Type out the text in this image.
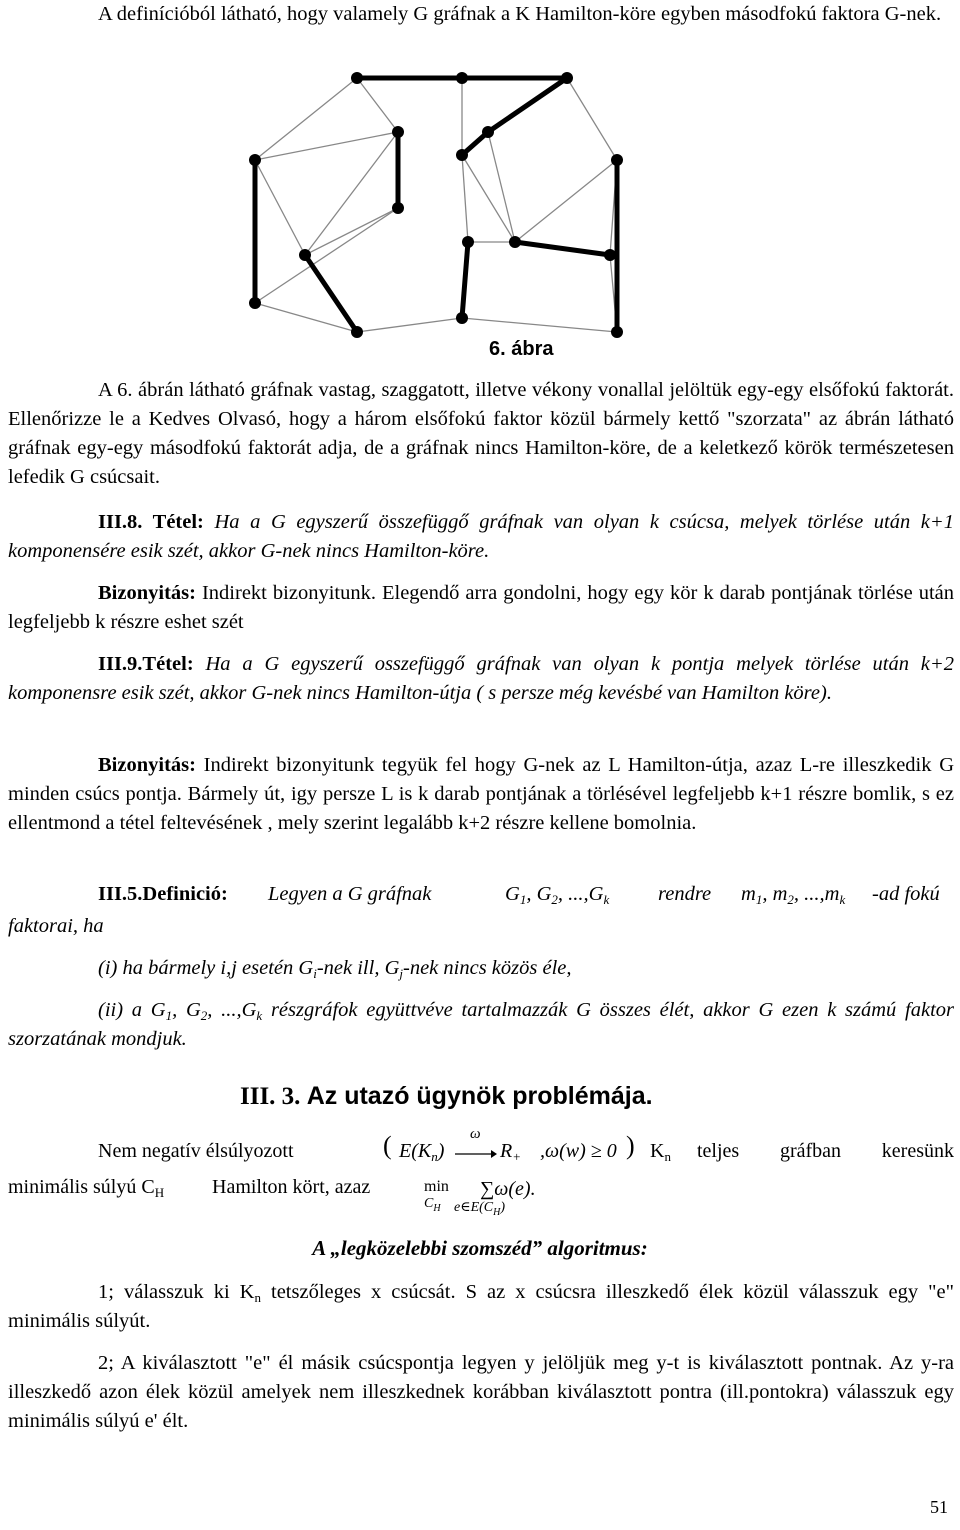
A definícióból látható, hogy valamely G gráfnak a K Hamilton-köre egyben másodfokú faktora G-nek.

6. ábra

A 6. ábrán látható gráfnak vastag, szaggatott, illetve vékony vonallal jelöltük egy-egy elsőfokú faktorát. Ellenőrizze le a Kedves Olvasó, hogy a három elsőfokú faktor közül bármely kettő "szorzata" az ábrán látható gráfnak egy-egy másodfokú faktorát adja, de a gráfnak nincs Hamilton-köre, de a keletkező körök természetesen lefedik G csúcsait.

III.8. Tétel: Ha a G egyszerű összefüggő gráfnak van olyan k csúcsa, melyek törlése után k+1 komponensére esik szét, akkor G-nek nincs Hamilton-köre.

Bizonyitás: Indirekt bizonyitunk. Elegendő arra gondolni, hogy egy kör k darab pontjának törlése után legfeljebb k részre eshet szét

III.9.Tétel: Ha a G egyszerű osszefüggő gráfnak van olyan k pontja melyek törlése után k+2 komponensre esik szét, akkor G-nek nincs Hamilton-útja ( s persze még kevésbé van Hamilton köre).

Bizonyitás: Indirekt bizonyitunk tegyük fel hogy G-nek az L Hamilton-útja, azaz L-re illeszkedik G minden csúcs pontja. Bármely út, igy persze L is k darab pontjának a törlésével legfeljebb k+1 részre bomlik, s ez ellentmond a tétel feltevésének , mely szerint legalább k+2 részre kellene bomolnia.

III.5.Definició: Legyen a G gráfnak	$G_1$, $G_2$, $...,G_k$ rendre $m_1$, $m_2$, $...,m_k$ -ad fokú
faktorai, ha
(i) ha bármely i,j esetén $G_i$-nek ill, $G_j$-nek nincs közös éle,

(ii) a $G_1$, $G_2$, $...,G_k$ részgráfok együttvéve tartalmazzák G összes élét, akkor G ezen k számú faktor szorzatának mondjuk.

III. 3. Az utazó ügynök problémája.
Nem negatív élsúlyozott	( $E(K_n)$
ω
$R_+$ ,ω(w) ≥ 0 ) $K_n$ teljes gráfban keresünk
minimális súlyú $C_H$ Hamilton kört, azaz	min
$C_H$
∑ω(e).
$e\in E(C_H)$
A „legközelebbi szomszéd” algoritmus:

1; válasszuk ki $K_n$ tetszőleges x csúcsát. S az x csúcsra illeszkedő élek közül válasszuk egy "e" minimális súlyút.

2; A kiválasztott "e" él másik csúcspontja legyen y jelöljük meg y-t is kiválasztott pontnak. Az y-ra illeszkedő azon élek közül amelyek nem illeszkednek korábban kiválasztott pontra (ill.pontokra) válasszuk egy minimális súlyú e' élt.

51
